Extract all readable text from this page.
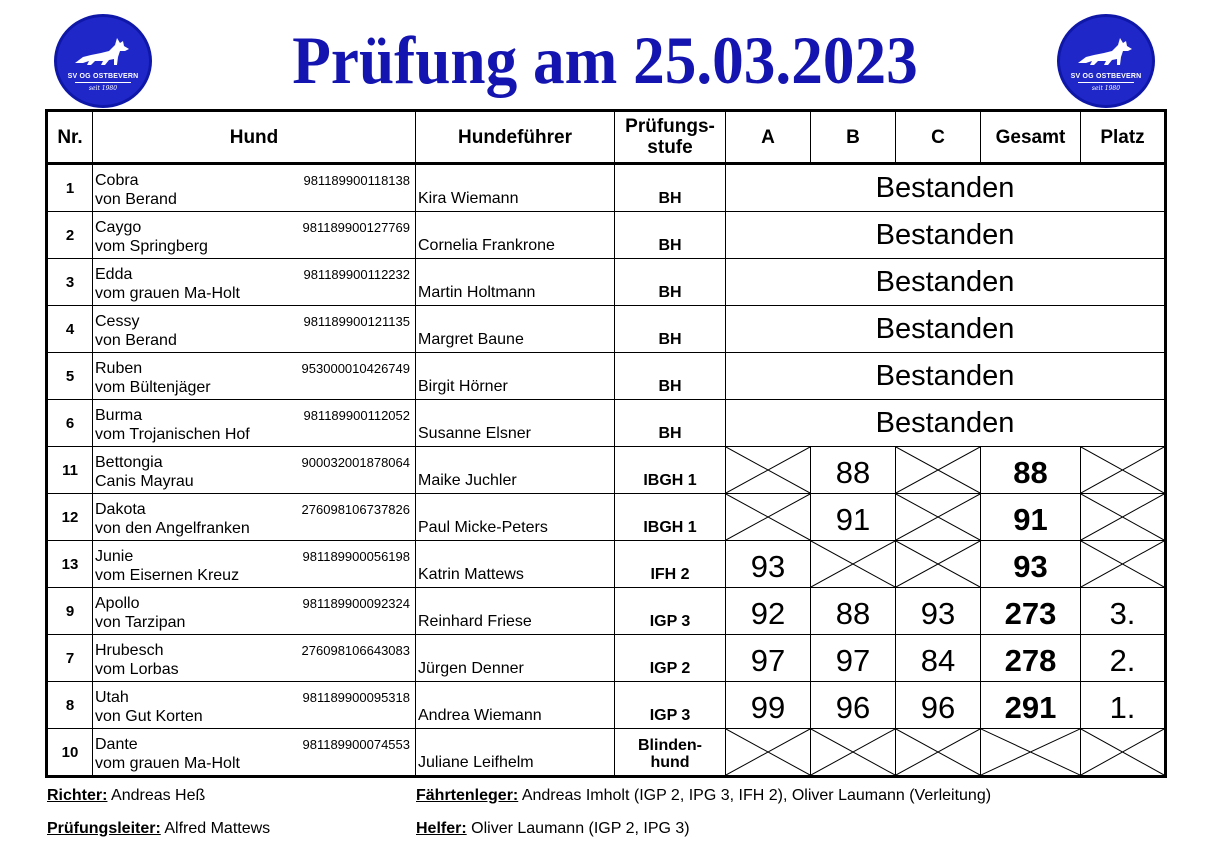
SV OG OSTBEVERN
seit 1980
SV OG OSTBEVERN
seit 1980
Prüfung am 25.03.2023
Nr.	Hund	Hundeführer	Prüfungs-
stufe	A	B	C	Gesamt	Platz
1	Cobra
von Berand
981189900118138	Kira Wiemann	BH	Bestanden				
2	Caygo
vom Springberg
981189900127769	Cornelia Frankrone	BH	Bestanden				
3	Edda
vom grauen Ma-Holt
981189900112232	Martin Holtmann	BH	Bestanden				
4	Cessy
von Berand
981189900121135	Margret Baune	BH	Bestanden				
5	Ruben
vom Bültenjäger
953000010426749	Birgit Hörner	BH	Bestanden				
6	Burma
vom Trojanischen Hof
981189900112052	Susanne Elsner	BH	Bestanden				
11	Bettongia
Canis Mayrau
900032001878064	Maike Juchler	IBGH 1		88		88	

12	Dakota
von den Angelfranken
276098106737826	Paul Micke-Peters	IBGH 1		91		91	

13	Junie
vom Eisernen Kreuz
981189900056198	Katrin Mattews	IFH 2	93			93	

9	Apollo
von Tarzipan
981189900092324	Reinhard Friese	IGP 3	92	88	93	273	3.
7	Hrubesch
vom Lorbas
276098106643083	Jürgen Denner	IGP 2	97	97	84	278	2.
8	Utah
von Gut Korten
981189900095318	Andrea Wiemann	IGP 3	99	96	96	291	1.
10	Dante
vom grauen Ma-Holt
981189900074553	Juliane Leifhelm	Blinden-
hund	

Richter: Andreas Heß
Prüfungsleiter: Alfred Mattews
Fährtenleger: Andreas Imholt (IGP 2, IPG 3, IFH 2), Oliver Laumann (Verleitung)
Helfer: Oliver Laumann (IGP 2, IPG 3)
